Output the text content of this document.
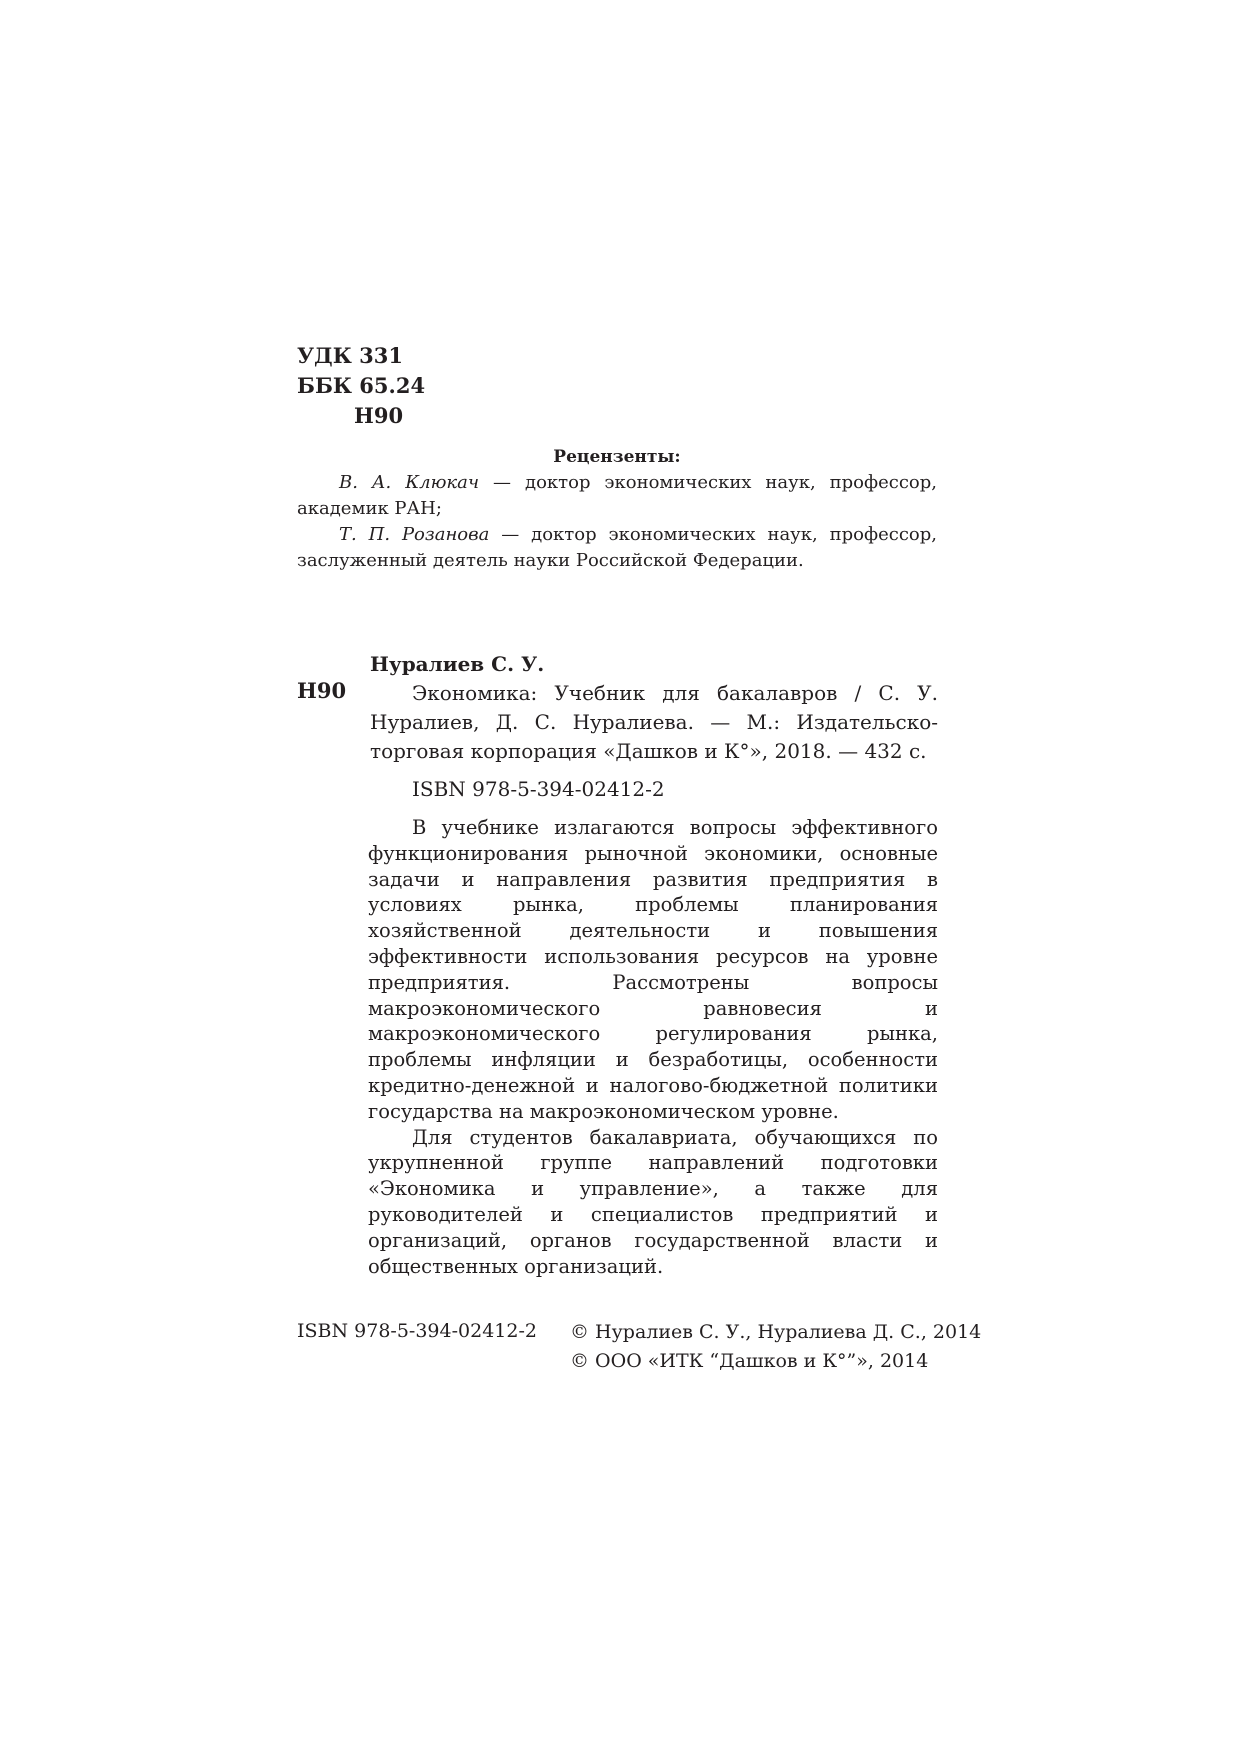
УДК 331
ББК 65.24
Н90
Рецензенты:

В. А. Клюкач — доктор экономических наук, профессор, академик РАН;

Т. П. Розанова — доктор экономических наук, профессор, заслуженный деятель науки Российской Федерации.

Н90
Нуралиев С. У.

Экономика: Учебник для бакалавров / С. У. Нуралиев, Д. С. Нуралиева. — М.: Издательско-торговая корпорация «Дашков и К°», 2018. — 432 с.

ISBN 978-5-394-02412-2

В учебнике излагаются вопросы эффективного функционирования рыночной экономики, основные задачи и направления развития предприятия в условиях рынка, проблемы планирования хозяйственной деятельности и повышения эффективности использования ресурсов на уровне предприятия. Рассмотрены вопросы макроэкономического равновесия и макроэкономического регулирования рынка, проблемы инфляции и безработицы, особенности кредитно-денежной и налогово-бюджетной политики государства на макроэкономическом уровне.

Для студентов бакалавриата, обучающихся по укрупненной группе направлений подготовки «Экономика и управление», а также для руководителей и специалистов предприятий и организаций, органов государственной власти и общественных организаций.

ISBN 978-5-394-02412-2 © Нуралиев С. У., Нуралиева Д. С., 2014
© ООО «ИТК “Дашков и К°”», 2014
